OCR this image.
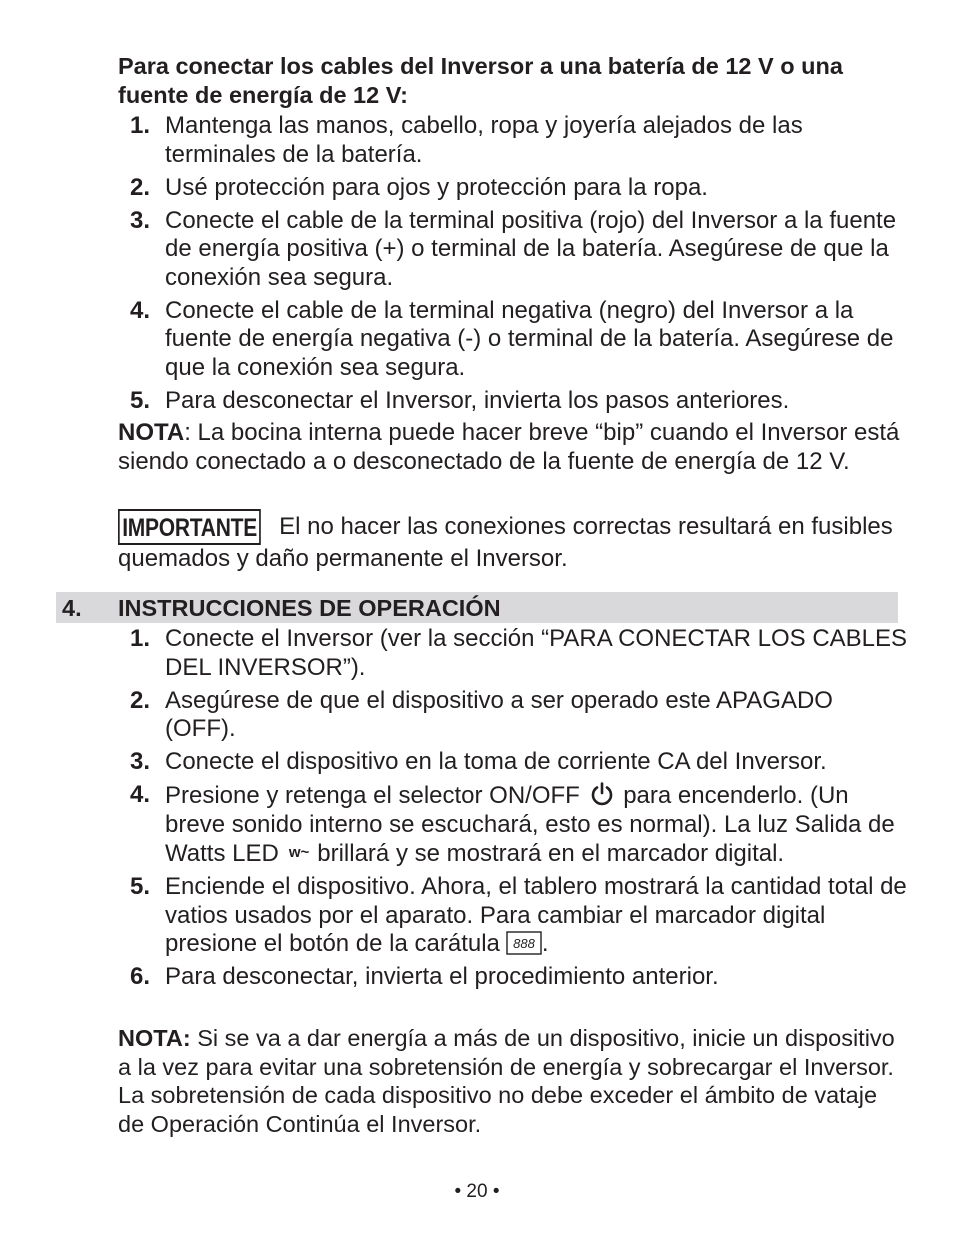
Para conectar los cables del Inversor a una batería de 12 V o una fuente de energía de 12 V:
1. Mantenga las manos, cabello, ropa y joyería alejados de las terminales de la batería.
2. Usé protección para ojos y protección para la ropa.
3. Conecte el cable de la terminal positiva (rojo) del Inversor a la fuente de energía positiva (+) o terminal de la batería. Asegúrese de que la conexión sea segura.
4. Conecte el cable de la terminal negativa (negro) del Inversor a la fuente de energía negativa (-) o terminal de la batería. Asegúrese de que la conexión sea segura.
5. Para desconectar el Inversor, invierta los pasos anteriores.
NOTA: La bocina interna puede hacer breve “bip” cuando el Inversor está siendo conectado a o desconectado de la fuente de energía de 12 V.
IMPORTANTE El no hacer las conexiones correctas resultará en fusibles quemados y daño permanente el Inversor.
4. INSTRUCCIONES DE OPERACIÓN
1. Conecte el Inversor (ver la sección “PARA CONECTAR LOS CABLES DEL INVERSOR”).
2. Asegúrese de que el dispositivo a ser operado este APAGADO (OFF).
3. Conecte el dispositivo en la toma de corriente CA del Inversor.
4. Presione y retenga el selector ON/OFF para encenderlo. (Un breve sonido interno se escuchará, esto es normal). La luz Salida de Watts LED w~ brillará y se mostrará en el marcador digital.
5. Enciende el dispositivo. Ahora, el tablero mostrará la cantidad total de vatios usados por el aparato. Para cambiar el marcador digital presione el botón de la carátula 888 .
6. Para desconectar, invierta el procedimiento anterior.
NOTA: Si se va a dar energía a más de un dispositivo, inicie un dispositivo a la vez para evitar una sobretensión de energía y sobrecargar el Inversor. La sobretensión de cada dispositivo no debe exceder el ámbito de vataje de Operación Continúa el Inversor.
• 20 •
